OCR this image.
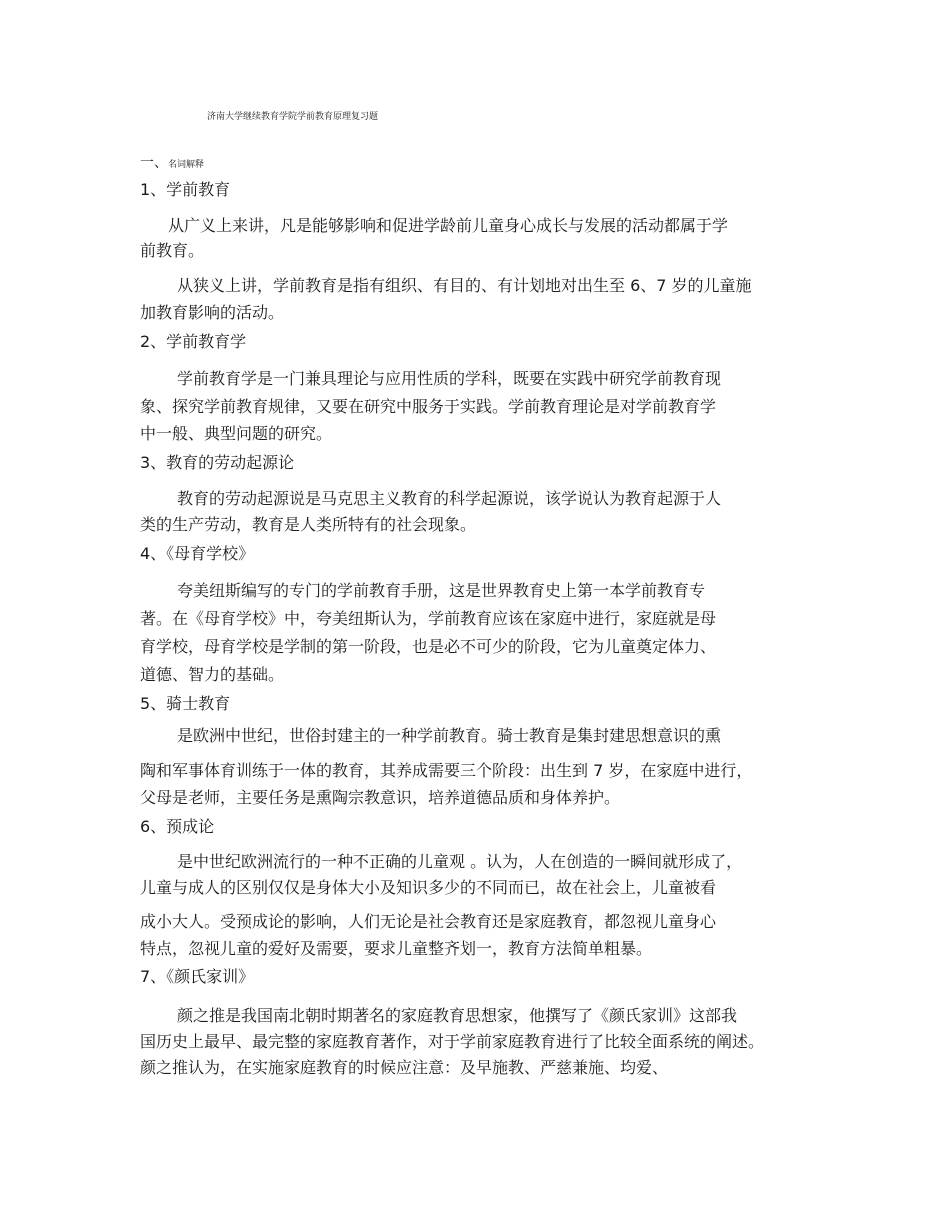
济南大学继续教育学院学前教育原理复习题
一、名词解释
1、学前教育
从广义上来讲，凡是能够影响和促进学龄前儿童身心成长与发展的活动都属于学
前教育。
从狭义上讲，学前教育是指有组织、有目的、有计划地对出生至 6、7 岁的儿童施
加教育影响的活动。
2、学前教育学
学前教育学是一门兼具理论与应用性质的学科，既要在实践中研究学前教育现
象、探究学前教育规律，又要在研究中服务于实践。学前教育理论是对学前教育学
中一般、典型问题的研究。
3、教育的劳动起源论
教育的劳动起源说是马克思主义教育的科学起源说，该学说认为教育起源于人
类的生产劳动，教育是人类所特有的社会现象。
4、《母育学校》
夸美纽斯编写的专门的学前教育手册，这是世界教育史上第一本学前教育专
著。在《母育学校》中，夸美纽斯认为，学前教育应该在家庭中进行，家庭就是母
育学校，母育学校是学制的第一阶段，也是必不可少的阶段，它为儿童奠定体力、
道德、智力的基础。
5、骑士教育
是欧洲中世纪，世俗封建主的一种学前教育。骑士教育是集封建思想意识的熏
陶和军事体育训练于一体的教育，其养成需要三个阶段：出生到 7 岁，在家庭中进行，
父母是老师，主要任务是熏陶宗教意识，培养道德品质和身体养护。
6、预成论
是中世纪欧洲流行的一种不正确的儿童观 。认为，人在创造的一瞬间就形成了，
儿童与成人的区别仅仅是身体大小及知识多少的不同而已，故在社会上，儿童被看
成小大人。受预成论的影响，人们无论是社会教育还是家庭教育，都忽视儿童身心
特点，忽视儿童的爱好及需要，要求儿童整齐划一，教育方法简单粗暴。
7、《颜氏家训》
颜之推是我国南北朝时期著名的家庭教育思想家，他撰写了《颜氏家训》这部我
国历史上最早、最完整的家庭教育著作，对于学前家庭教育进行了比较全面系统的阐述。
颜之推认为，在实施家庭教育的时候应注意：及早施教、严慈兼施、均爱、
